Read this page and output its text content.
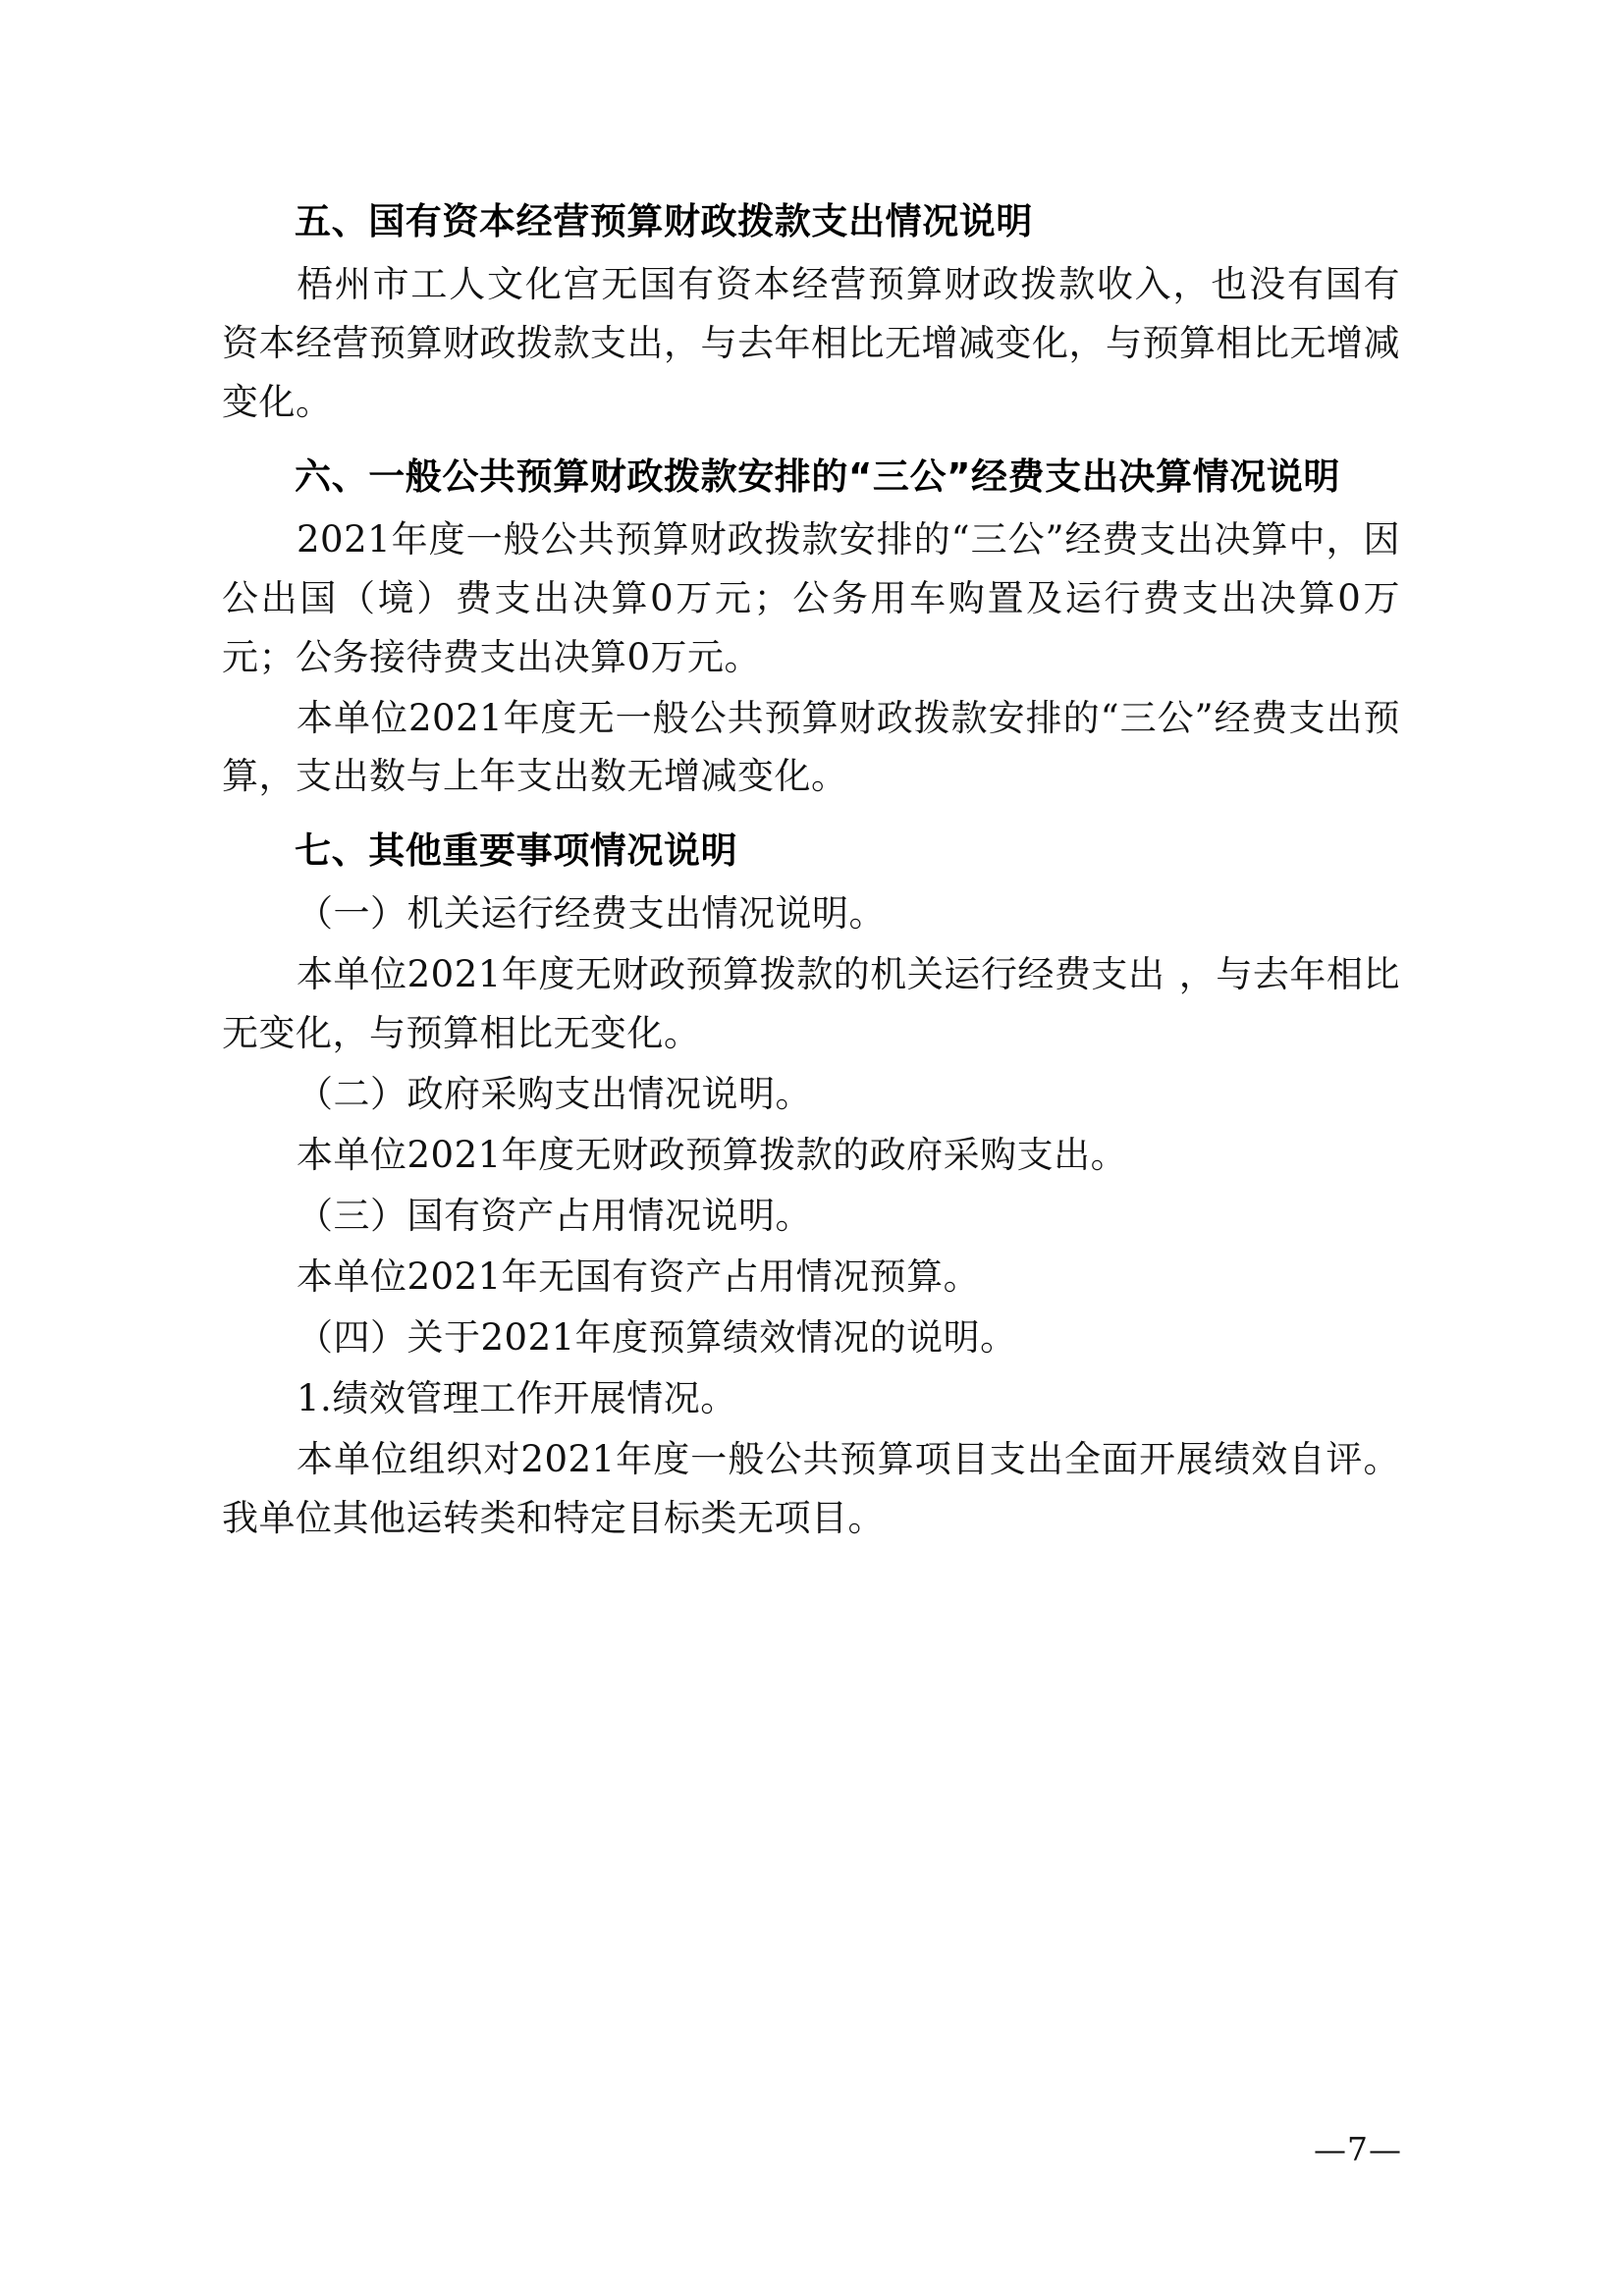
五、国有资本经营预算财政拨款支出情况说明

梧州市工人文化宫无国有资本经营预算财政拨款收入，也没有国有资本经营预算财政拨款支出，与去年相比无增减变化，与预算相比无增减变化。

六、一般公共预算财政拨款安排的“三公”经费支出决算情况说明

2021年度一般公共预算财政拨款安排的“三公”经费支出决算中，因公出国（境）费支出决算0万元；公务用车购置及运行费支出决算0万元；公务接待费支出决算0万元。

本单位2021年度无一般公共预算财政拨款安排的“三公”经费支出预算，支出数与上年支出数无增减变化。

七、其他重要事项情况说明

（一）机关运行经费支出情况说明。

本单位2021年度无财政预算拨款的机关运行经费支出 ，与去年相比无变化，与预算相比无变化。

（二）政府采购支出情况说明。

本单位2021年度无财政预算拨款的政府采购支出。

（三）国有资产占用情况说明。

本单位2021年无国有资产占用情况预算。

（四）关于2021年度预算绩效情况的说明。

1.绩效管理工作开展情况。

本单位组织对2021年度一般公共预算项目支出全面开展绩效自评。我单位其他运转类和特定目标类无项目。

—7—
